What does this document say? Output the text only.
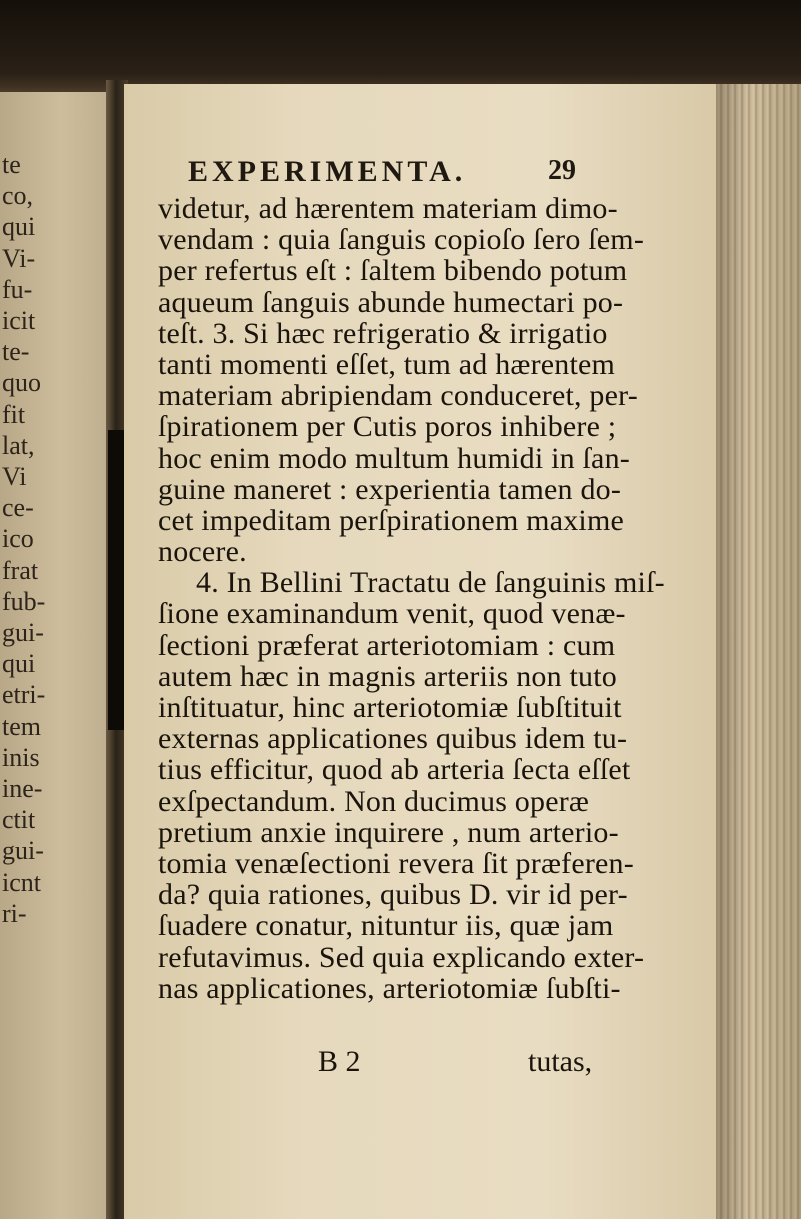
te
co,
qui
Vi-
fu-
icit
te-
quo
fit
lat,
Vi
ce-
ico
frat
fub-
gui-
qui
etri-
tem
inis
ine-
ctit
gui-
icnt
ri-
EXPERIMENTA.	29
videtur, ad hærentem materiam dimo-
vendam : quia ſanguis copioſo ſero ſem-
per refertus eſt : ſaltem bibendo potum
aqueum ſanguis abunde humectari po-
teſt. 3. Si hæc refrigeratio & irrigatio
tanti momenti eſſet, tum ad hærentem
materiam abripiendam conduceret, per-
ſpirationem per Cutis poros inhibere ;
hoc enim modo multum humidi in ſan-
guine maneret : experientia tamen do-
cet impeditam perſpirationem maxime
nocere.
4. In Bellini Tractatu de ſanguinis miſ-
ſione examinandum venit, quod venæ-
ſectioni præferat arteriotomiam : cum
autem hæc in magnis arteriis non tuto
inſtituatur, hinc arteriotomiæ ſubſtituit
externas applicationes quibus idem tu-
tius efficitur, quod ab arteria ſecta eſſet
exſpectandum. Non ducimus operæ
pretium anxie inquirere , num arterio-
tomia venæſectioni revera ſit præferen-
da? quia rationes, quibus D. vir id per-
ſuadere conatur, nituntur iis, quæ jam
refutavimus. Sed quia explicando exter-
nas applicationes, arteriotomiæ ſubſti-
B 2	tutas,
